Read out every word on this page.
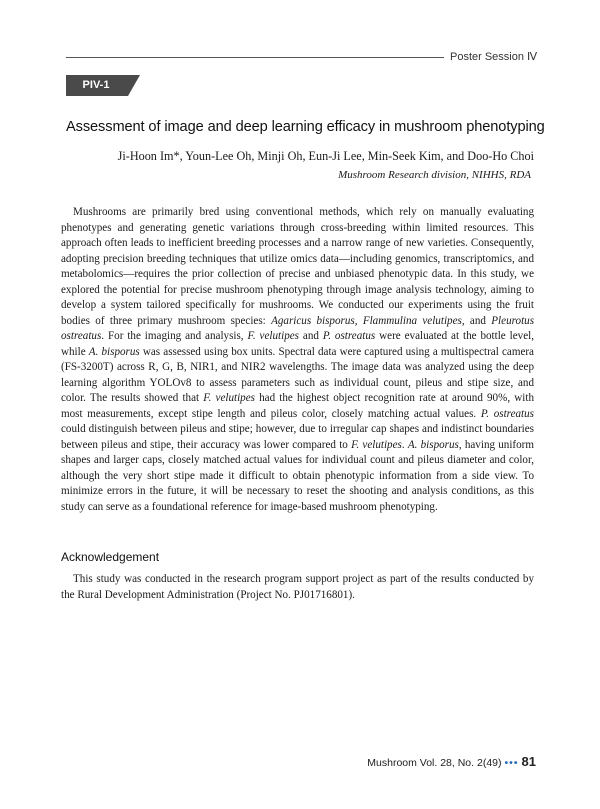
Poster Session Ⅳ
PIV-1
Assessment of image and deep learning efficacy in mushroom phenotyping
Ji-Hoon Im*, Youn-Lee Oh, Minji Oh, Eun-Ji Lee, Min-Seek Kim, and Doo-Ho Choi
Mushroom Research division, NIHHS, RDA

Mushrooms are primarily bred using conventional methods, which rely on manually evaluating phenotypes and generating genetic variations through cross-breeding within limited resources. This approach often leads to inefficient breeding processes and a narrow range of new varieties. Consequently, adopting precision breeding techniques that utilize omics data—including genomics, transcriptomics, and metabolomics—requires the prior collection of precise and unbiased phenotypic data. In this study, we explored the potential for precise mushroom phenotyping through image analysis technology, aiming to develop a system tailored specifically for mushrooms. We conducted our experiments using the fruit bodies of three primary mushroom species: Agaricus bisporus, Flammulina velutipes, and Pleurotus ostreatus. For the imaging and analysis, F. velutipes and P. ostreatus were evaluated at the bottle level, while A. bisporus was assessed using box units. Spectral data were captured using a multispectral camera (FS-3200T) across R, G, B, NIR1, and NIR2 wavelengths. The image data was analyzed using the deep learning algorithm YOLOv8 to assess parameters such as individual count, pileus and stipe size, and color. The results showed that F. velutipes had the highest object recognition rate at around 90%, with most measurements, except stipe length and pileus color, closely matching actual values. P. ostreatus could distinguish between pileus and stipe; however, due to irregular cap shapes and indistinct boundaries between pileus and stipe, their accuracy was lower compared to F. velutipes. A. bisporus, having uniform shapes and larger caps, closely matched actual values for individual count and pileus diameter and color, although the very short stipe made it difficult to obtain phenotypic information from a side view. To minimize errors in the future, it will be necessary to reset the shooting and analysis conditions, as this study can serve as a foundational reference for image-based mushroom phenotyping.

Acknowledgement

This study was conducted in the research program support project as part of the results conducted by the Rural Development Administration (Project No. PJ01716801).

Mushroom Vol. 28, No. 2(49) ••• 81
